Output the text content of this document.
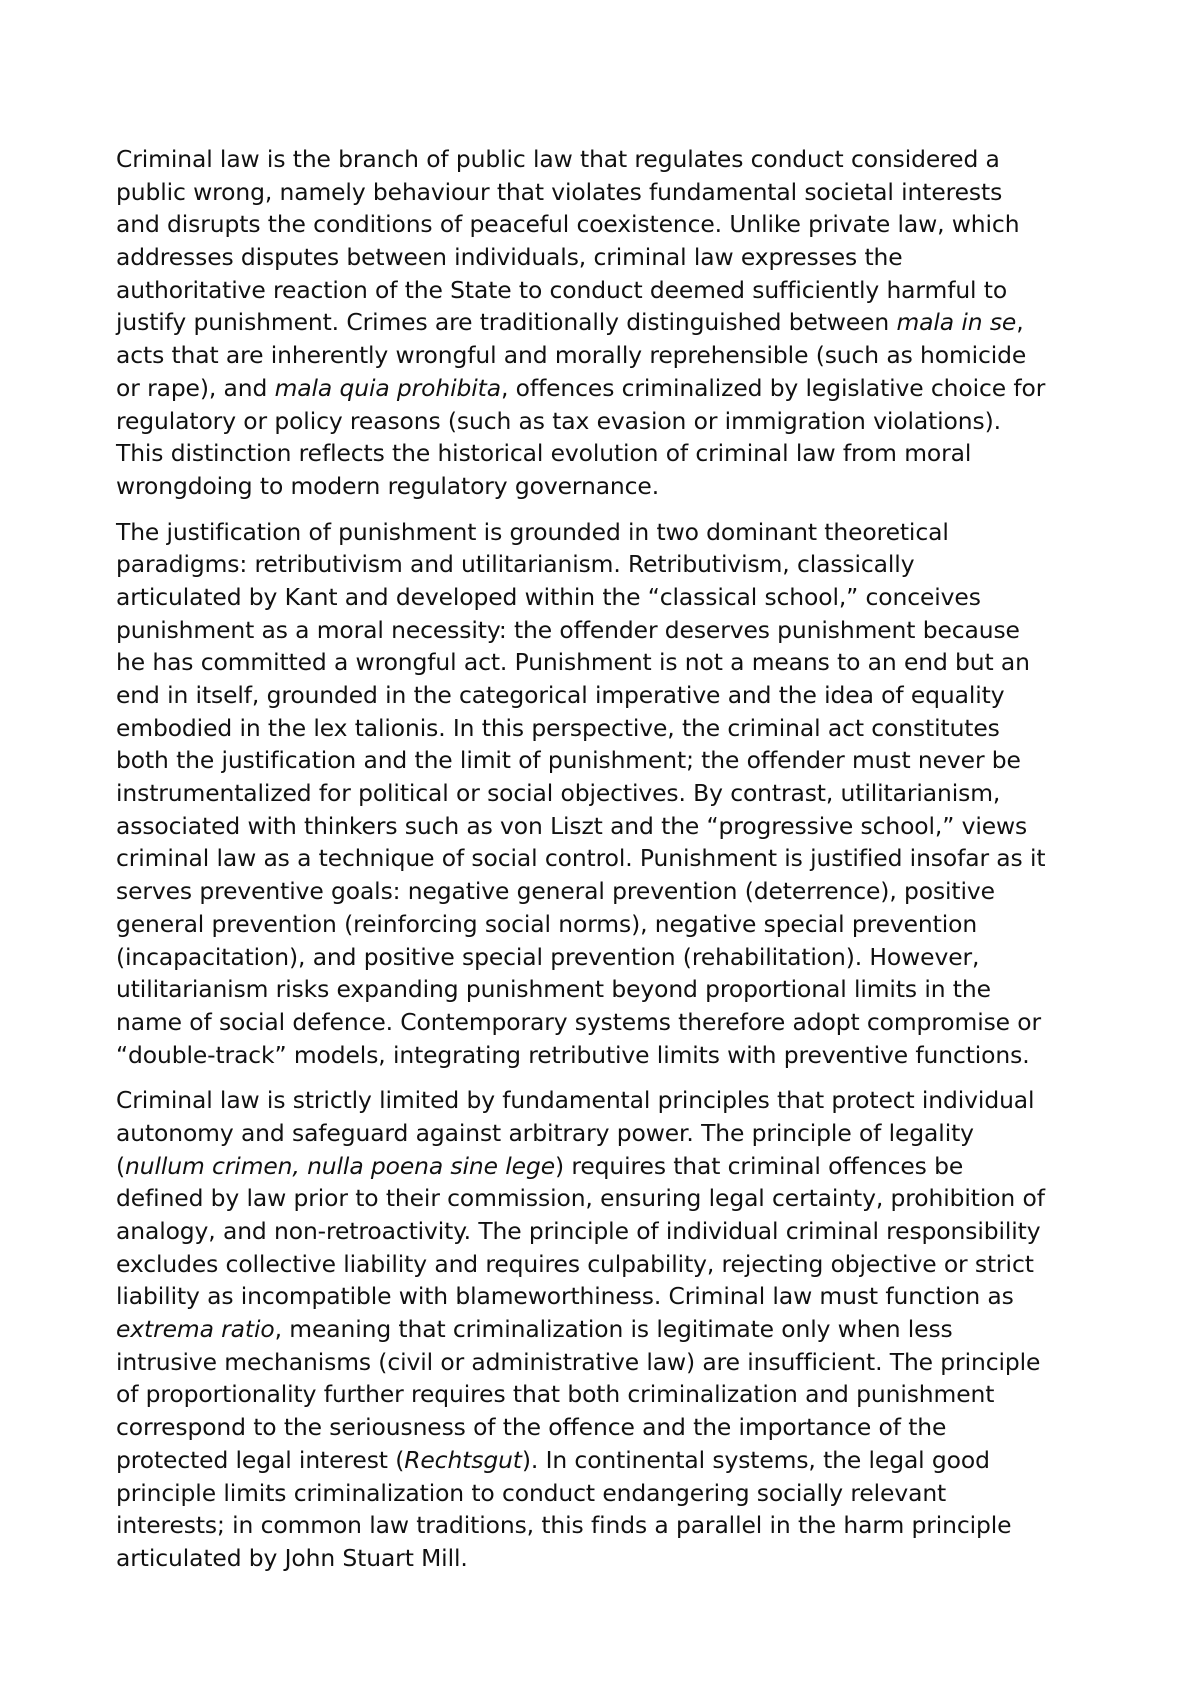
Criminal law is the branch of public law that regulates conduct considered a
public wrong, namely behaviour that violates fundamental societal interests
and disrupts the conditions of peaceful coexistence. Unlike private law, which
addresses disputes between individuals, criminal law expresses the
authoritative reaction of the State to conduct deemed sufficiently harmful to
justify punishment. Crimes are traditionally distinguished between mala in se,
acts that are inherently wrongful and morally reprehensible (such as homicide
or rape), and mala quia prohibita, offences criminalized by legislative choice for
regulatory or policy reasons (such as tax evasion or immigration violations).
This distinction reflects the historical evolution of criminal law from moral
wrongdoing to modern regulatory governance.
The justification of punishment is grounded in two dominant theoretical
paradigms: retributivism and utilitarianism. Retributivism, classically
articulated by Kant and developed within the “classical school,” conceives
punishment as a moral necessity: the offender deserves punishment because
he has committed a wrongful act. Punishment is not a means to an end but an
end in itself, grounded in the categorical imperative and the idea of equality
embodied in the lex talionis. In this perspective, the criminal act constitutes
both the justification and the limit of punishment; the offender must never be
instrumentalized for political or social objectives. By contrast, utilitarianism,
associated with thinkers such as von Liszt and the “progressive school,” views
criminal law as a technique of social control. Punishment is justified insofar as it
serves preventive goals: negative general prevention (deterrence), positive
general prevention (reinforcing social norms), negative special prevention
(incapacitation), and positive special prevention (rehabilitation). However,
utilitarianism risks expanding punishment beyond proportional limits in the
name of social defence. Contemporary systems therefore adopt compromise or
“double-track” models, integrating retributive limits with preventive functions.
Criminal law is strictly limited by fundamental principles that protect individual
autonomy and safeguard against arbitrary power. The principle of legality
(nullum crimen, nulla poena sine lege) requires that criminal offences be
defined by law prior to their commission, ensuring legal certainty, prohibition of
analogy, and non-retroactivity. The principle of individual criminal responsibility
excludes collective liability and requires culpability, rejecting objective or strict
liability as incompatible with blameworthiness. Criminal law must function as
extrema ratio, meaning that criminalization is legitimate only when less
intrusive mechanisms (civil or administrative law) are insufficient. The principle
of proportionality further requires that both criminalization and punishment
correspond to the seriousness of the offence and the importance of the
protected legal interest (Rechtsgut). In continental systems, the legal good
principle limits criminalization to conduct endangering socially relevant
interests; in common law traditions, this finds a parallel in the harm principle
articulated by John Stuart Mill.
